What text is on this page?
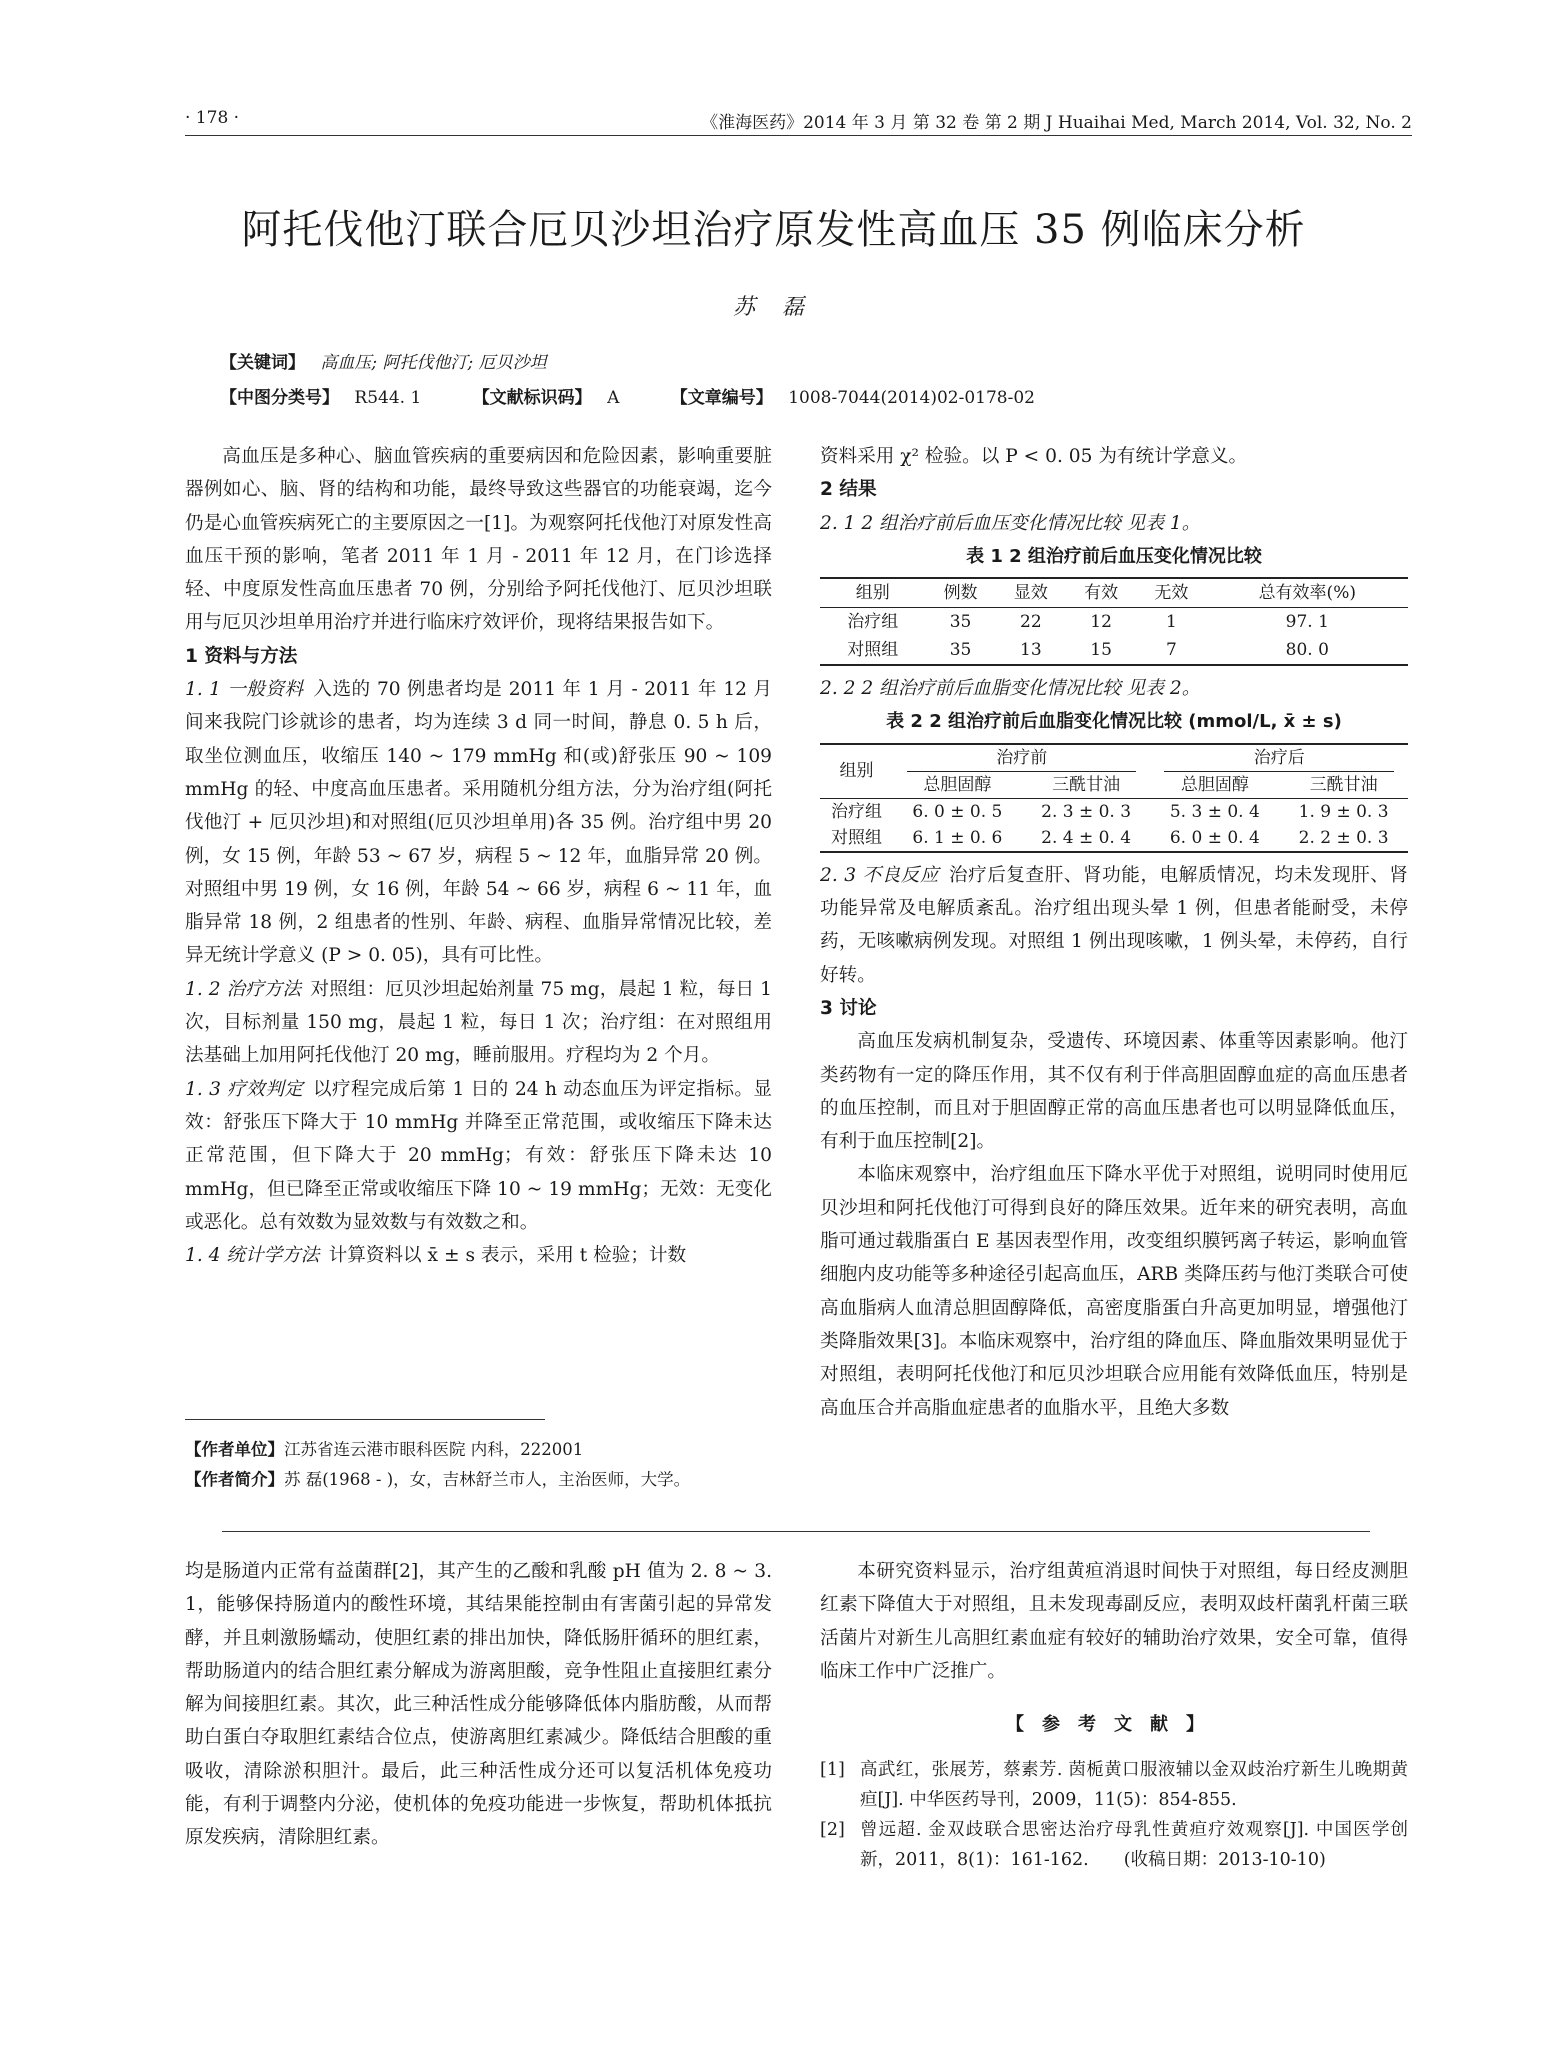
· 178 ·	《淮海医药》2014 年 3 月 第 32 卷 第 2 期 J Huaihai Med, March 2014, Vol. 32, No. 2
阿托伐他汀联合厄贝沙坦治疗原发性高血压 35 例临床分析
苏 磊
【关键词】 高血压; 阿托伐他汀; 厄贝沙坦
【中图分类号】 R544. 1	【文献标识码】 A	【文章编号】 1008-7044(2014)02-0178-02

高血压是多种心、脑血管疾病的重要病因和危险因素，影响重要脏器例如心、脑、肾的结构和功能，最终导致这些器官的功能衰竭，迄今仍是心血管疾病死亡的主要原因之一[1]。为观察阿托伐他汀对原发性高血压干预的影响，笔者 2011 年 1 月 - 2011 年 12 月，在门诊选择轻、中度原发性高血压患者 70 例，分别给予阿托伐他汀、厄贝沙坦联用与厄贝沙坦单用治疗并进行临床疗效评价，现将结果报告如下。

1 资料与方法

1. 1 一般资料  入选的 70 例患者均是 2011 年 1 月 - 2011 年 12 月间来我院门诊就诊的患者，均为连续 3 d 同一时间，静息 0. 5 h 后，取坐位测血压，收缩压 140 ~ 179 mmHg 和(或)舒张压 90 ~ 109 mmHg 的轻、中度高血压患者。采用随机分组方法，分为治疗组(阿托伐他汀 + 厄贝沙坦)和对照组(厄贝沙坦单用)各 35 例。治疗组中男 20 例，女 15 例，年龄 53 ~ 67 岁，病程 5 ~ 12 年，血脂异常 20 例。对照组中男 19 例，女 16 例，年龄 54 ~ 66 岁，病程 6 ~ 11 年，血脂异常 18 例，2 组患者的性别、年龄、病程、血脂异常情况比较，差异无统计学意义 (P > 0. 05)，具有可比性。

1. 2 治疗方法  对照组：厄贝沙坦起始剂量 75 mg，晨起 1 粒，每日 1 次，目标剂量 150 mg，晨起 1 粒，每日 1 次；治疗组：在对照组用法基础上加用阿托伐他汀 20 mg，睡前服用。疗程均为 2 个月。

1. 3 疗效判定  以疗程完成后第 1 日的 24 h 动态血压为评定指标。显效：舒张压下降大于 10 mmHg 并降至正常范围，或收缩压下降未达正常范围，但下降大于 20 mmHg；有效：舒张压下降未达 10 mmHg，但已降至正常或收缩压下降 10 ~ 19 mmHg；无效：无变化或恶化。总有效数为显效数与有效数之和。

1. 4 统计学方法  计算资料以 x̄ ± s 表示，采用 t 检验；计数

资料采用 χ² 检验。以 P < 0. 05 为有统计学意义。

2 结果

2. 1 2 组治疗前后血压变化情况比较 见表 1。

表 1 2 组治疗前后血压变化情况比较
组别	例数	显效	有效	无效	总有效率(%)
治疗组	35	22	12	1	97. 1
对照组	35	13	15	7	80. 0

2. 2 2 组治疗前后血脂变化情况比较 见表 2。

表 2 2 组治疗前后血脂变化情况比较 (mmol/L, x̄ ± s)
组别	治疗前		治疗后	

	总胆固醇	三酰甘油	总胆固醇	三酰甘油
治疗组	6. 0 ± 0. 5	2. 3 ± 0. 3	5. 3 ± 0. 4	1. 9 ± 0. 3
对照组	6. 1 ± 0. 6	2. 4 ± 0. 4	6. 0 ± 0. 4	2. 2 ± 0. 3

2. 3 不良反应  治疗后复查肝、肾功能，电解质情况，均未发现肝、肾功能异常及电解质紊乱。治疗组出现头晕 1 例，但患者能耐受，未停药，无咳嗽病例发现。对照组 1 例出现咳嗽，1 例头晕，未停药，自行好转。

3 讨论

高血压发病机制复杂，受遗传、环境因素、体重等因素影响。他汀类药物有一定的降压作用，其不仅有利于伴高胆固醇血症的高血压患者的血压控制，而且对于胆固醇正常的高血压患者也可以明显降低血压，有利于血压控制[2]。

本临床观察中，治疗组血压下降水平优于对照组，说明同时使用厄贝沙坦和阿托伐他汀可得到良好的降压效果。近年来的研究表明，高血脂可通过载脂蛋白 E 基因表型作用，改变组织膜钙离子转运，影响血管细胞内皮功能等多种途径引起高血压，ARB 类降压药与他汀类联合可使高血脂病人血清总胆固醇降低，高密度脂蛋白升高更加明显，增强他汀类降脂效果[3]。本临床观察中，治疗组的降血压、降血脂效果明显优于对照组，表明阿托伐他汀和厄贝沙坦联合应用能有效降低血压，特别是高血压合并高脂血症患者的血脂水平，且绝大多数

【作者单位】江苏省连云港市眼科医院 内科，222001
【作者简介】苏 磊(1968 - )，女，吉林舒兰市人，主治医师，大学。

均是肠道内正常有益菌群[2]，其产生的乙酸和乳酸 pH 值为 2. 8 ~ 3. 1，能够保持肠道内的酸性环境，其结果能控制由有害菌引起的异常发酵，并且刺激肠蠕动，使胆红素的排出加快，降低肠肝循环的胆红素，帮助肠道内的结合胆红素分解成为游离胆酸，竞争性阻止直接胆红素分解为间接胆红素。其次，此三种活性成分能够降低体内脂肪酸，从而帮助白蛋白夺取胆红素结合位点，使游离胆红素减少。降低结合胆酸的重吸收，清除淤积胆汁。最后，此三种活性成分还可以复活机体免疫功能，有利于调整内分泌，使机体的免疫功能进一步恢复，帮助机体抵抗原发疾病，清除胆红素。

本研究资料显示，治疗组黄疸消退时间快于对照组，每日经皮测胆红素下降值大于对照组，且未发现毒副反应，表明双歧杆菌乳杆菌三联活菌片对新生儿高胆红素血症有较好的辅助治疗效果，安全可靠，值得临床工作中广泛推广。

【参考文献】
[1] 高武红，张展芳，蔡素芳. 茵栀黄口服液辅以金双歧治疗新生儿晚期黄疸[J]. 中华医药导刊，2009，11(5)：854-855.
[2] 曾远超. 金双歧联合思密达治疗母乳性黄疸疗效观察[J]. 中国医学创新，2011，8(1)：161-162.   (收稿日期：2013-10-10)
